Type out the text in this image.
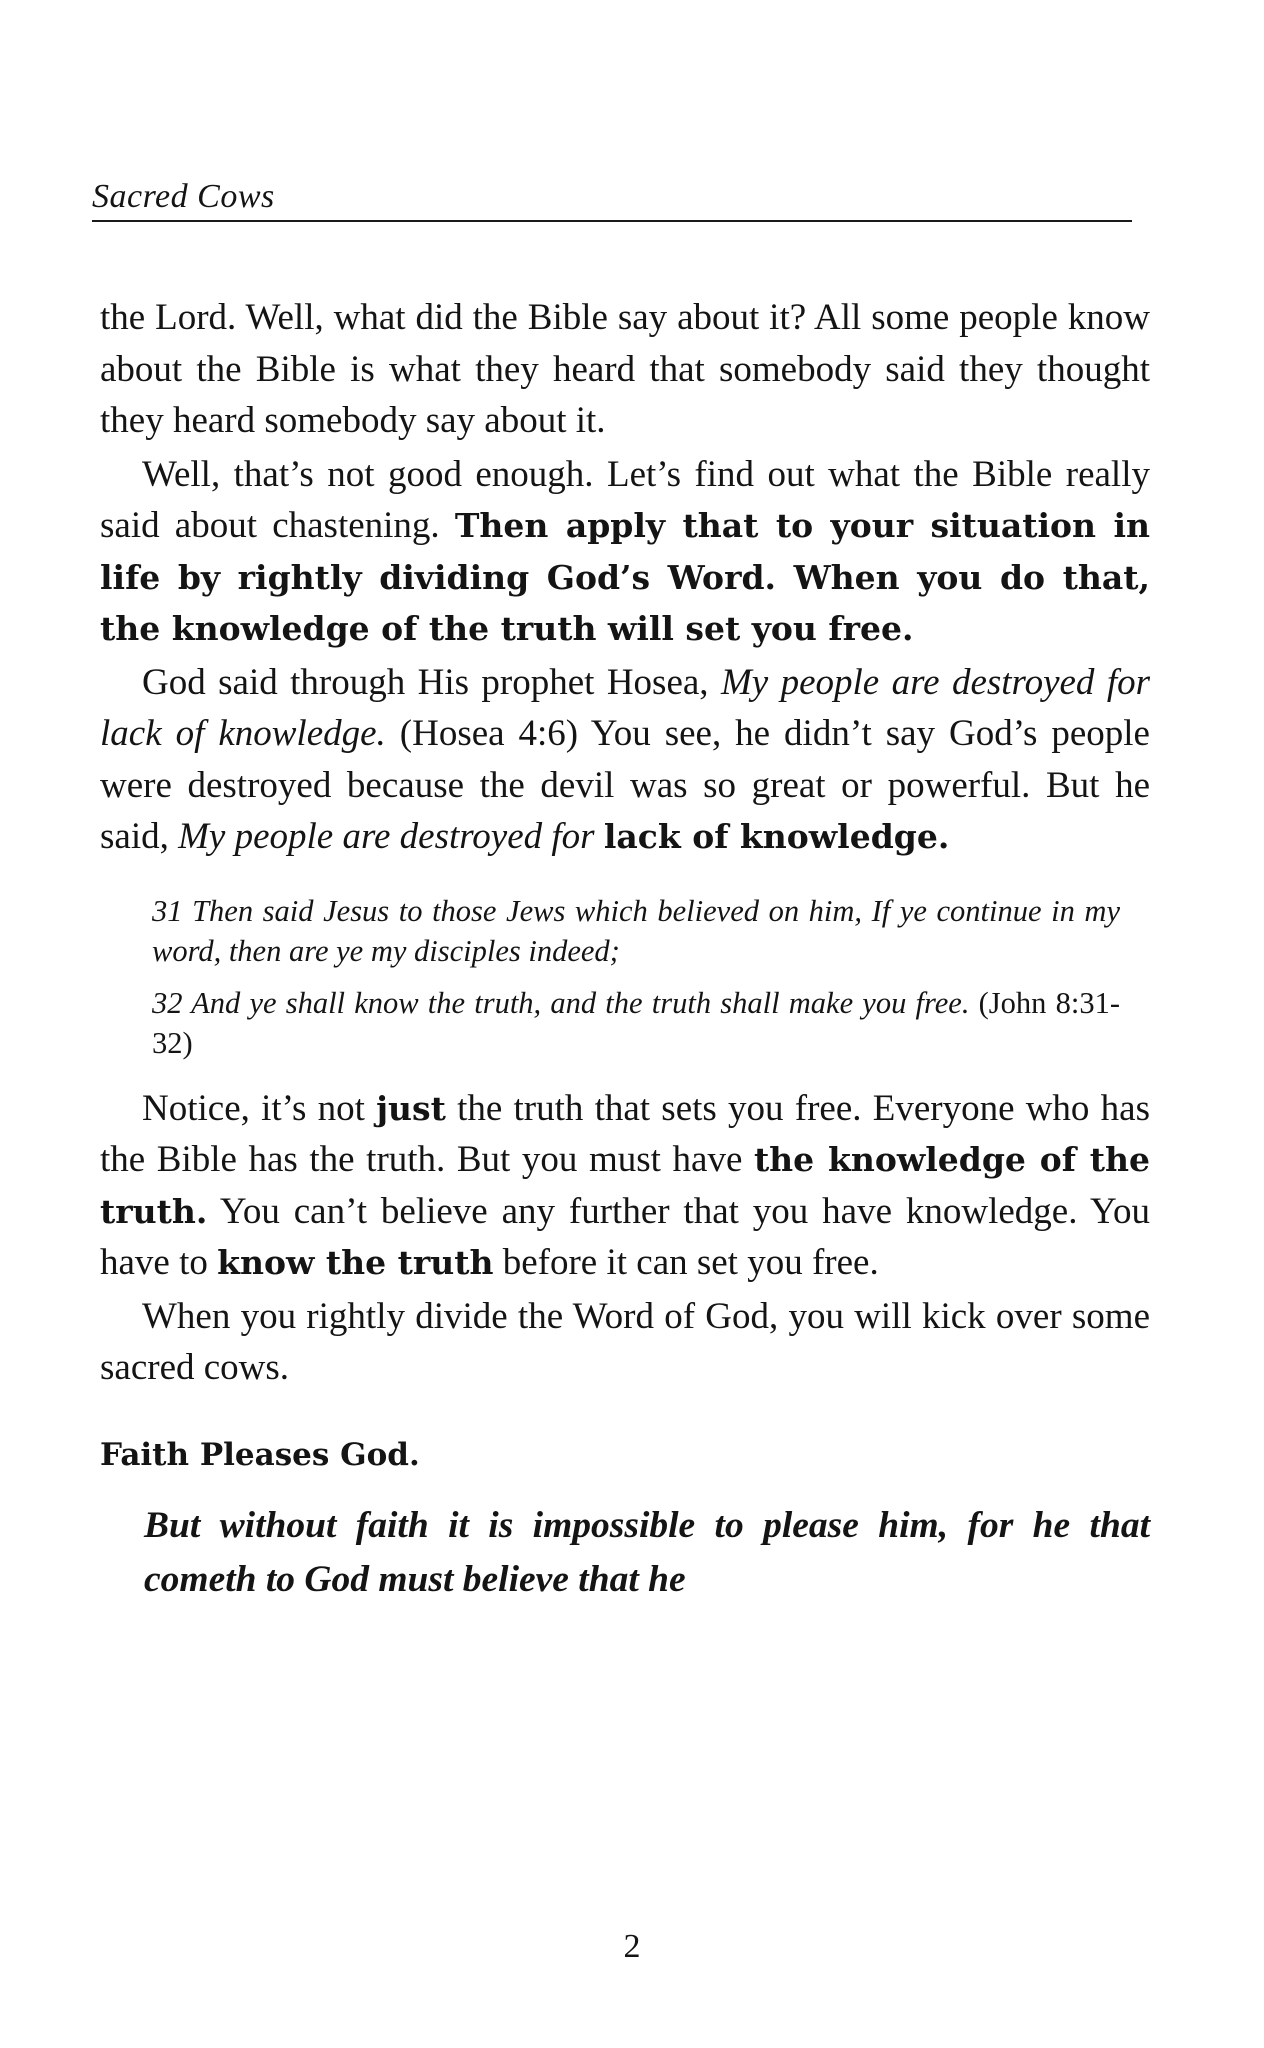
Sacred Cows

the Lord. Well, what did the Bible say about it? All some people know about the Bible is what they heard that somebody said they thought they heard somebody say about it.

Well, that’s not good enough. Let’s find out what the Bible really said about chastening. Then apply that to your situation in life by rightly dividing God’s Word. When you do that, the knowledge of the truth will set you free.

God said through His prophet Hosea, My people are destroyed for lack of knowledge. (Hosea 4:6) You see, he didn’t say God’s people were destroyed because the devil was so great or powerful. But he said, My people are destroyed for lack of knowledge.

31 Then said Jesus to those Jews which believed on him, If ye continue in my word, then are ye my disciples indeed;
32 And ye shall know the truth, and the truth shall make you free. (John 8:31-32)

Notice, it’s not just the truth that sets you free. Everyone who has the Bible has the truth. But you must have the knowledge of the truth. You can’t believe any further that you have knowledge. You have to know the truth before it can set you free.

When you rightly divide the Word of God, you will kick over some sacred cows.

Faith Pleases God.
But without faith it is impossible to please him, for he that cometh to God must believe that he
2
